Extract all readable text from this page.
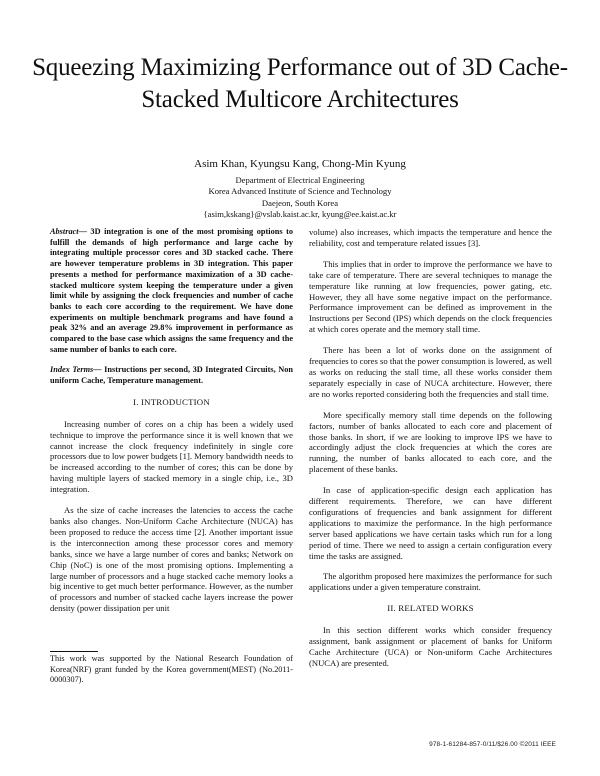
Squeezing Maximizing Performance out of 3D Cache-Stacked Multicore Architectures
Asim Khan, Kyungsu Kang, Chong-Min Kyung
Department of Electrical Engineering
Korea Advanced Institute of Science and Technology
Daejeon, South Korea
{asim,kskang}@vslab.kaist.ac.kr, kyung@ee.kaist.ac.kr

Abstract— 3D integration is one of the most promising options to fulfill the demands of high performance and large cache by integrating multiple processor cores and 3D stacked cache. There are however temperature problems in 3D integration. This paper presents a method for performance maximization of a 3D cache-stacked multicore system keeping the temperature under a given limit while by assigning the clock frequencies and number of cache banks to each core according to the requirement. We have done experiments on multiple benchmark programs and have found a peak 32% and an average 29.8% improvement in performance as compared to the base case which assigns the same frequency and the same number of banks to each core.

Index Terms— Instructions per second, 3D Integrated Circuits, Non uniform Cache, Temperature management.

I. INTRODUCTION

Increasing number of cores on a chip has been a widely used technique to improve the performance since it is well known that we cannot increase the clock frequency indefinitely in single core processors due to low power budgets [1]. Memory bandwidth needs to be increased according to the number of cores; this can be done by having multiple layers of stacked memory in a single chip, i.e., 3D integration.

As the size of cache increases the latencies to access the cache banks also changes. Non-Uniform Cache Architecture (NUCA) has been proposed to reduce the access time [2]. Another important issue is the interconnection among these processor cores and memory banks, since we have a large number of cores and banks; Network on Chip (NoC) is one of the most promising options. Implementing a large number of processors and a huge stacked cache memory looks a big incentive to get much better performance. However, as the number of processors and number of stacked cache layers increase the power density (power dissipation per unit

This work was supported by the National Research Foundation of Korea(NRF) grant funded by the Korea government(MEST) (No.2011-0000307).

volume) also increases, which impacts the temperature and hence the reliability, cost and temperature related issues [3].

This implies that in order to improve the performance we have to take care of temperature. There are several techniques to manage the temperature like running at low frequencies, power gating, etc. However, they all have some negative impact on the performance. Performance improvement can be defined as improvement in the Instructions per Second (IPS) which depends on the clock frequencies at which cores operate and the memory stall time.

There has been a lot of works done on the assignment of frequencies to cores so that the power consumption is lowered, as well as works on reducing the stall time, all these works consider them separately especially in case of NUCA architecture. However, there are no works reported considering both the frequencies and stall time.

More specifically memory stall time depends on the following factors, number of banks allocated to each core and placement of those banks. In short, if we are looking to improve IPS we have to accordingly adjust the clock frequencies at which the cores are running, the number of banks allocated to each core, and the placement of these banks.

In case of application-specific design each application has different requirements. Therefore, we can have different configurations of frequencies and bank assignment for different applications to maximize the performance. In the high performance server based applications we have certain tasks which run for a long period of time. There we need to assign a certain configuration every time the tasks are assigned.

The algorithm proposed here maximizes the performance for such applications under a given temperature constraint.

II. RELATED WORKS

In this section different works which consider frequency assignment, bank assignment or placement of banks for Uniform Cache Architecture (UCA) or Non-uniform Cache Architectures (NUCA) are presented.

978-1-61284-857-0/11/$26.00 ©2011 IEEE
